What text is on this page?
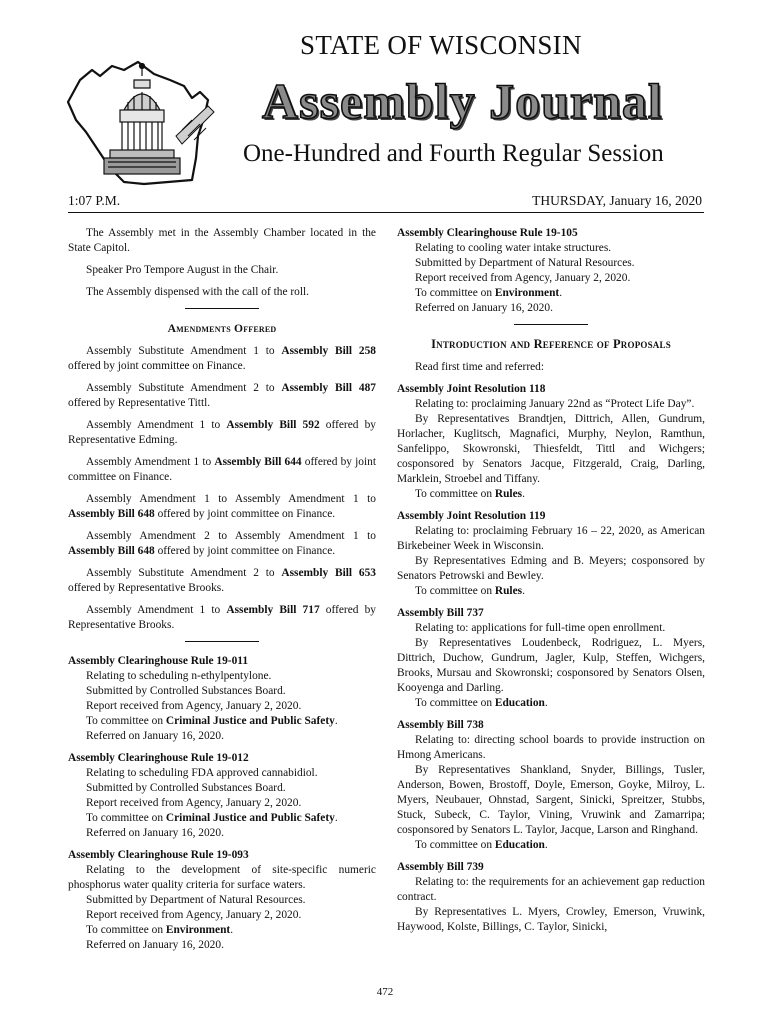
STATE OF WISCONSIN
Assembly Journal
One-Hundred and Fourth Regular Session
1:07 P.M.	THURSDAY, January 16, 2020

The Assembly met in the Assembly Chamber located in the State Capitol.

Speaker Pro Tempore August in the Chair.

The Assembly dispensed with the call of the roll.

Amendments Offered

Assembly Substitute Amendment 1 to Assembly Bill 258 offered by joint committee on Finance.

Assembly Substitute Amendment 2 to Assembly Bill 487 offered by Representative Tittl.

Assembly Amendment 1 to Assembly Bill 592 offered by Representative Edming.

Assembly Amendment 1 to Assembly Bill 644 offered by joint committee on Finance.

Assembly Amendment 1 to Assembly Amendment 1 to Assembly Bill 648 offered by joint committee on Finance.

Assembly Amendment 2 to Assembly Amendment 1 to Assembly Bill 648 offered by joint committee on Finance.

Assembly Substitute Amendment 2 to Assembly Bill 653 offered by Representative Brooks.

Assembly Amendment 1 to Assembly Bill 717 offered by Representative Brooks.

Assembly Clearinghouse Rule 19-011
Relating to scheduling n-ethylpentylone.
Submitted by Controlled Substances Board.
Report received from Agency, January 2, 2020.
To committee on Criminal Justice and Public Safety.
Referred on January 16, 2020.
Assembly Clearinghouse Rule 19-012
Relating to scheduling FDA approved cannabidiol.
Submitted by Controlled Substances Board.
Report received from Agency, January 2, 2020.
To committee on Criminal Justice and Public Safety.
Referred on January 16, 2020.
Assembly Clearinghouse Rule 19-093
Relating to the development of site-specific numeric phosphorus water quality criteria for surface waters.
Submitted by Department of Natural Resources.
Report received from Agency, January 2, 2020.
To committee on Environment.
Referred on January 16, 2020.
Assembly Clearinghouse Rule 19-105
Relating to cooling water intake structures.
Submitted by Department of Natural Resources.
Report received from Agency, January 2, 2020.
To committee on Environment.
Referred on January 16, 2020.
Introduction and Reference of Proposals

Read first time and referred:

Assembly Joint Resolution 118
Relating to: proclaiming January 22nd as “Protect Life Day”.
By Representatives Brandtjen, Dittrich, Allen, Gundrum, Horlacher, Kuglitsch, Magnafici, Murphy, Neylon, Ramthun, Sanfelippo, Skowronski, Thiesfeldt, Tittl and Wichgers; cosponsored by Senators Jacque, Fitzgerald, Craig, Darling, Marklein, Stroebel and Tiffany.
To committee on Rules.
Assembly Joint Resolution 119
Relating to: proclaiming February 16 – 22, 2020, as American Birkebeiner Week in Wisconsin.
By Representatives Edming and B. Meyers; cosponsored by Senators Petrowski and Bewley.
To committee on Rules.
Assembly Bill 737
Relating to: applications for full-time open enrollment.
By Representatives Loudenbeck, Rodriguez, L. Myers, Dittrich, Duchow, Gundrum, Jagler, Kulp, Steffen, Wichgers, Brooks, Mursau and Skowronski; cosponsored by Senators Olsen, Kooyenga and Darling.
To committee on Education.
Assembly Bill 738
Relating to: directing school boards to provide instruction on Hmong Americans.
By Representatives Shankland, Snyder, Billings, Tusler, Anderson, Bowen, Brostoff, Doyle, Emerson, Goyke, Milroy, L. Myers, Neubauer, Ohnstad, Sargent, Sinicki, Spreitzer, Stubbs, Stuck, Subeck, C. Taylor, Vining, Vruwink and Zamarripa; cosponsored by Senators L. Taylor, Jacque, Larson and Ringhand.
To committee on Education.
Assembly Bill 739
Relating to: the requirements for an achievement gap reduction contract.
By Representatives L. Myers, Crowley, Emerson, Vruwink, Haywood, Kolste, Billings, C. Taylor, Sinicki,
472
